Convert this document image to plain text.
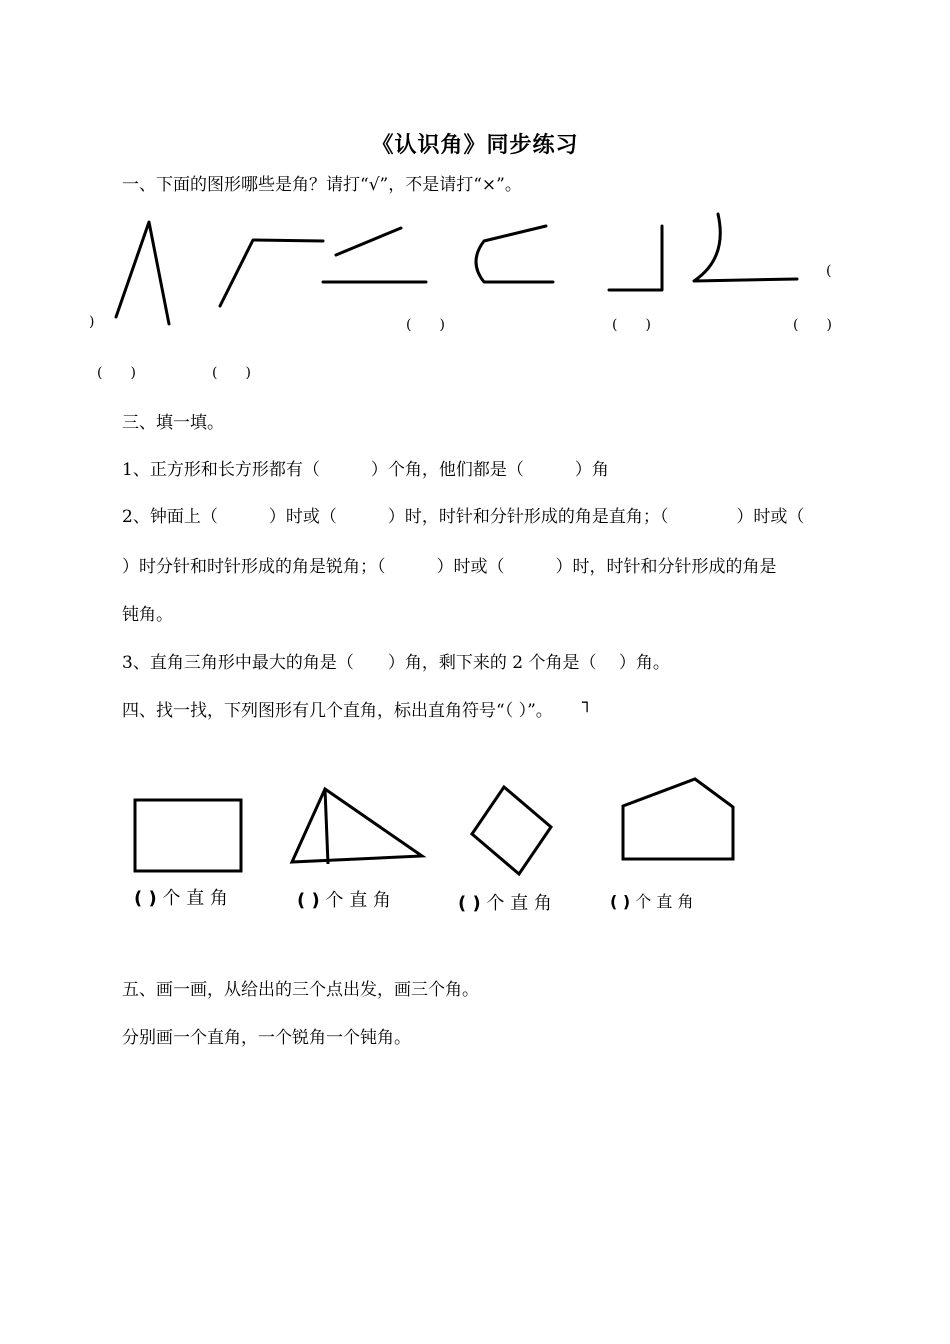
《认识角》同步练习
一、下面的图形哪些是角？请打“√”，不是请打“×”。
)	(　　)	(　　)	(　　)
(
(　　)	(　　)
三、填一填。
1、正方形和长方形都有（　　　）个角，他们都是（　　　）角
2、钟面上（　　　）时或（　　　）时，时针和分针形成的角是直角；（　　　　）时或（
）时分针和时针形成的角是锐角；（　　　）时或（　　　）时，时针和分针形成的角是
钝角。
3、直角三角形中最大的角是（　　）角，剩下来的 2 个角是（　 ）角。
四、找一找，下列图形有几个直角，标出直角符号“（ ）”。 ┐
( ) 个 直 角	( ) 个 直 角	( ) 个 直 角	( ) 个 直 角
五、画一画，从给出的三个点出发，画三个角。
分别画一个直角，一个锐角一个钝角。
